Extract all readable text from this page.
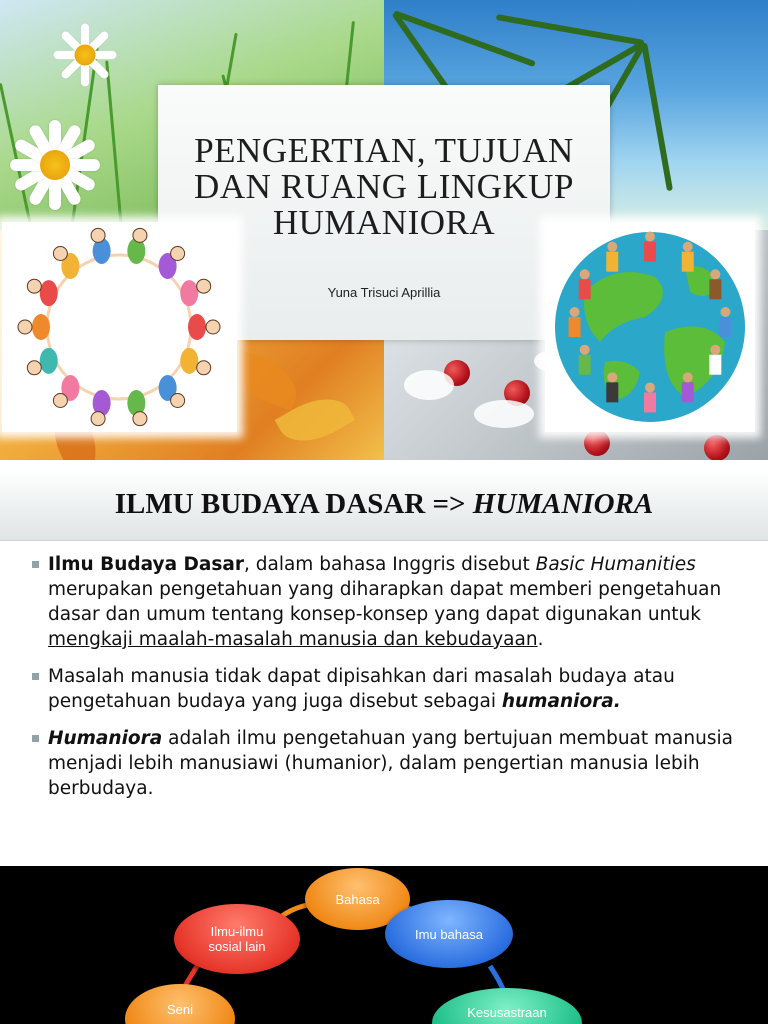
PENGERTIAN, TUJUAN
DAN RUANG LINGKUP
HUMANIORA
Yuna Trisuci Aprillia
ILMU BUDAYA DASAR => HUMANIORA
Ilmu Budaya Dasar, dalam bahasa Inggris disebut Basic Humanities merupakan pengetahuan yang diharapkan dapat memberi pengetahuan dasar dan umum tentang konsep-konsep yang dapat digunakan untuk mengkaji maalah-masalah manusia dan kebudayaan.
Masalah manusia tidak dapat dipisahkan dari masalah budaya atau pengetahuan budaya yang juga disebut sebagai humaniora.
Humaniora adalah ilmu pengetahuan yang bertujuan membuat manusia menjadi lebih manusiawi (humanior), dalam pengertian manusia lebih berbudaya.
Bahasa
Ilmu-ilmu
sosial lain
Imu bahasa
Seni	Kesusastraan
